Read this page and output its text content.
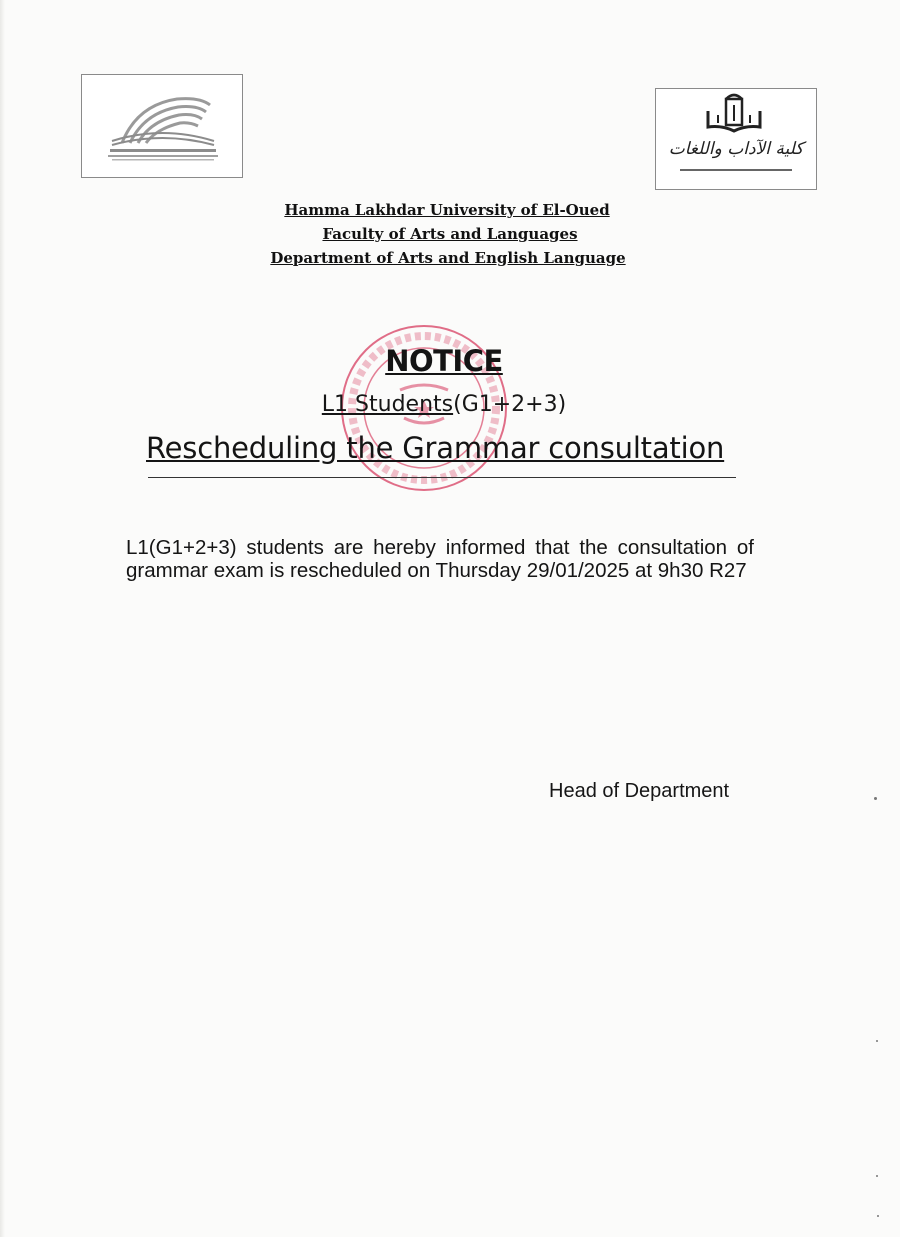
كلية الآداب واللغات
Hamma Lakhdar University of El-Oued
Faculty of Arts and Languages
Department of Arts and English Language
NOTICE
L1 Students(G1+2+3)
Rescheduling the Grammar consultation
L1(G1+2+3) students are hereby informed that the consultation of grammar exam is rescheduled on Thursday 29/01/2025 at 9h30 R27
Head of Department
